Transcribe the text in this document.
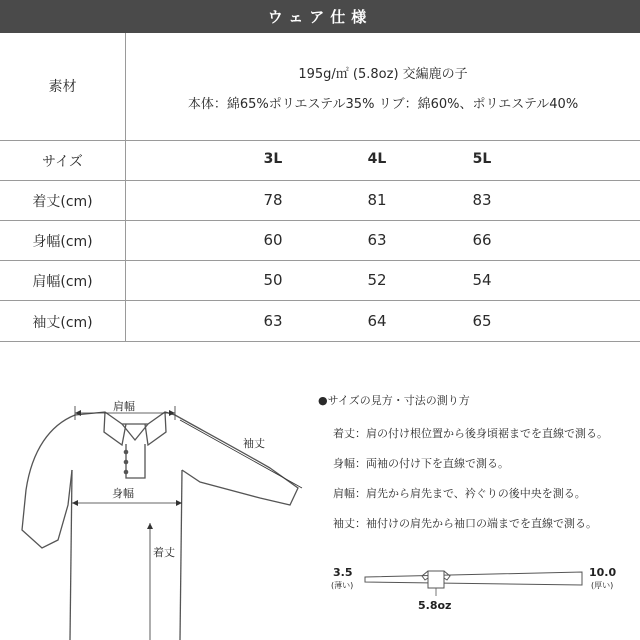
ウェア仕様
素材
195g/㎡ (5.8oz) 交編鹿の子
本体：綿65%ポリエステル35% リブ：綿60%、ポリエステル40%
サイズ	3L	4L	5L
着丈(cm)	78	81	83
身幅(cm)	60	63	66
肩幅(cm)	50	52	54
袖丈(cm)	63	64	65
肩幅
袖丈
身幅
着丈
3.5
(薄い)
10.0
(厚い)
5.8oz
●サイズの見方・寸法の測り方
着丈：肩の付け根位置から後身頃裾までを直線で測る。
身幅：両袖の付け下を直線で測る。
肩幅：肩先から肩先まで、衿ぐりの後中央を測る。
袖丈：袖付けの肩先から袖口の端までを直線で測る。
